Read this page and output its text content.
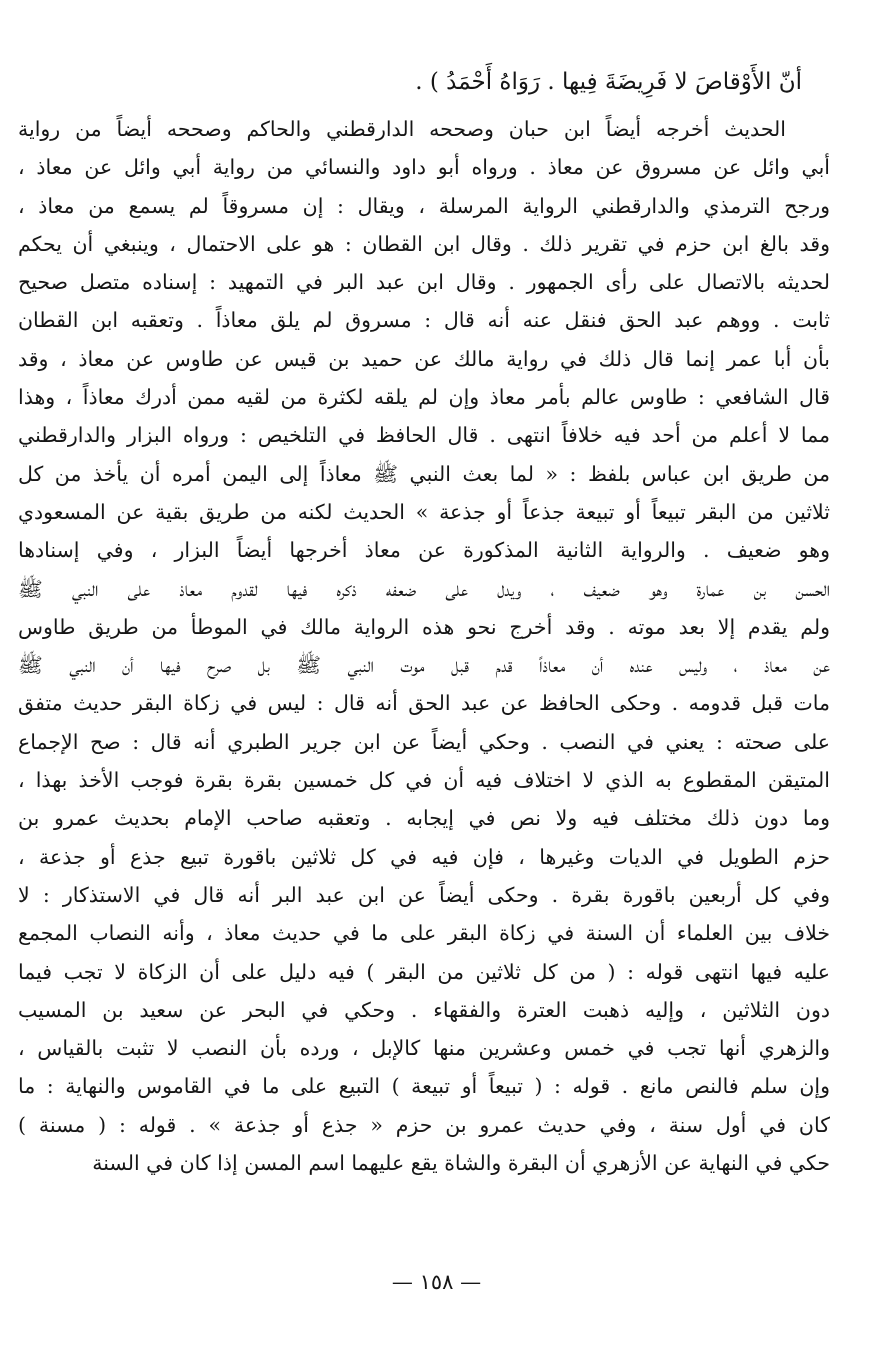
أنّ الأَوْقاصَ لا فَرِيضَةَ فِيها . رَوَاهُ أَحْمَدُ ) .
الحديث أخرجه أيضاً ابن حبان وصححه الدارقطني والحاكم وصححه أيضاً من رواية
أبي وائل عن مسروق عن معاذ . ورواه أبو داود والنسائي من رواية أبي وائل عن معاذ ،
ورجح الترمذي والدارقطني الرواية المرسلة ، ويقال : إن مسروقاً لم يسمع من معاذ ،
وقد بالغ ابن حزم في تقرير ذلك . وقال ابن القطان : هو على الاحتمال ، وينبغي أن يحكم
لحديثه بالاتصال على رأى الجمهور . وقال ابن عبد البر في التمهيد : إسناده متصل صحيح
ثابت . ووهم عبد الحق فنقل عنه أنه قال : مسروق لم يلق معاذاً . وتعقبه ابن القطان
بأن أبا عمر إنما قال ذلك في رواية مالك عن حميد بن قيس عن طاوس عن معاذ ، وقد
قال الشافعي : طاوس عالم بأمر معاذ وإن لم يلقه لكثرة من لقيه ممن أدرك معاذاً ، وهذا
مما لا أعلم من أحد فيه خلافاً انتهى . قال الحافظ في التلخيص : ورواه البزار والدارقطني
من طريق ابن عباس بلفظ : « لما بعث النبي ﷺ معاذاً إلى اليمن أمره أن يأخذ من كل
ثلاثين من البقر تبيعاً أو تبيعة جذعاً أو جذعة » الحديث لكنه من طريق بقية عن المسعودي
وهو ضعيف . والرواية الثانية المذكورة عن معاذ أخرجها أيضاً البزار ، وفي إسنادها
الحسن بن عمارة وهو ضعيف ، ويدل على ضعفه ذكره فيها لقدوم معاذ على النبي ﷺ
ولم يقدم إلا بعد موته . وقد أخرج نحو هذه الرواية مالك في الموطأ من طريق طاوس
عن معاذ ، وليس عنده أن معاذاً قدم قبل موت النبي ﷺ بل صرح فيها أن النبي ﷺ
مات قبل قدومه . وحكى الحافظ عن عبد الحق أنه قال : ليس في زكاة البقر حديث متفق
على صحته : يعني في النصب . وحكي أيضاً عن ابن جرير الطبري أنه قال : صح الإجماع
المتيقن المقطوع به الذي لا اختلاف فيه أن في كل خمسين بقرة بقرة فوجب الأخذ بهذا ،
وما دون ذلك مختلف فيه ولا نص في إيجابه . وتعقبه صاحب الإمام بحديث عمرو بن
حزم الطويل في الديات وغيرها ، فإن فيه في كل ثلاثين باقورة تبيع جذع أو جذعة ،
وفي كل أربعين باقورة بقرة . وحكى أيضاً عن ابن عبد البر أنه قال في الاستذكار : لا
خلاف بين العلماء أن السنة في زكاة البقر على ما في حديث معاذ ، وأنه النصاب المجمع
عليه فيها انتهى قوله : ( من كل ثلاثين من البقر ) فيه دليل على أن الزكاة لا تجب فيما
دون الثلاثين ، وإليه ذهبت العترة والفقهاء . وحكي في البحر عن سعيد بن المسيب
والزهري أنها تجب في خمس وعشرين منها كالإبل ، ورده بأن النصب لا تثبت بالقياس ،
وإن سلم فالنص مانع . قوله : ( تبيعاً أو تبيعة ) التبيع على ما في القاموس والنهاية : ما
كان في أول سنة ، وفي حديث عمرو بن حزم « جذع أو جذعة » . قوله : ( مسنة )
حكي في النهاية عن الأزهري أن البقرة والشاة يقع عليهما اسم المسن إذا كان في السنة
— ١٥٨ —
